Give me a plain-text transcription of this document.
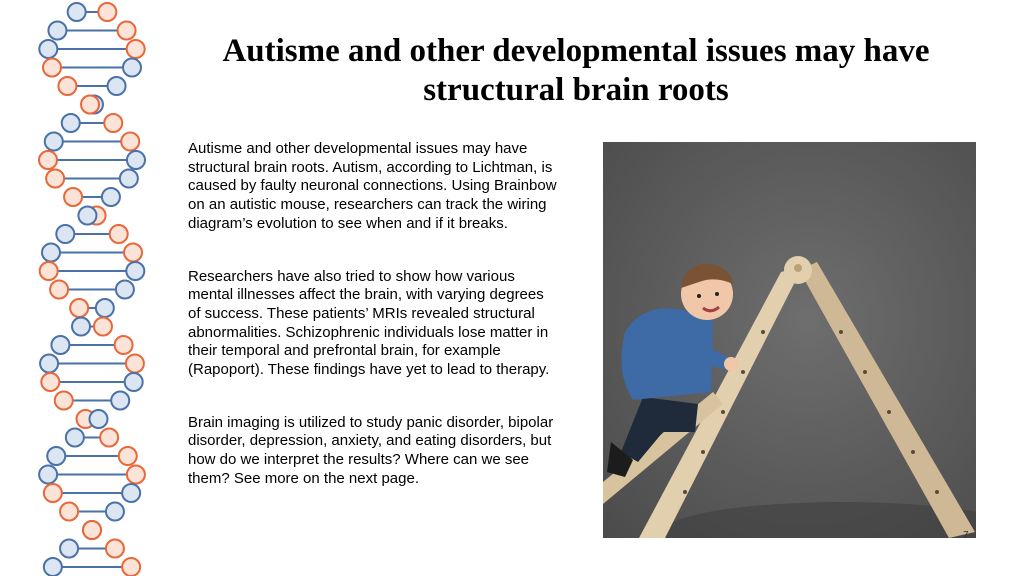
Autisme and other developmental issues may have structural brain roots

Autisme and other developmental issues may have structural brain roots. Autism, according to Lichtman, is caused by faulty neuronal connections. Using Brainbow on an autistic mouse, researchers can track the wiring diagram’s evolution to see when and if it breaks.

Researchers have also tried to show how various mental illnesses affect the brain, with varying degrees of success. These patients’ MRIs revealed structural abnormalities. Schizophrenic individuals lose matter in their temporal and prefrontal brain, for example (Rapoport). These findings have yet to lead to therapy.

Brain imaging is utilized to study panic disorder, bipolar disorder, depression, anxiety, and eating disorders, but how do we interpret the results? Where can we see them? See more on the next page.

7
